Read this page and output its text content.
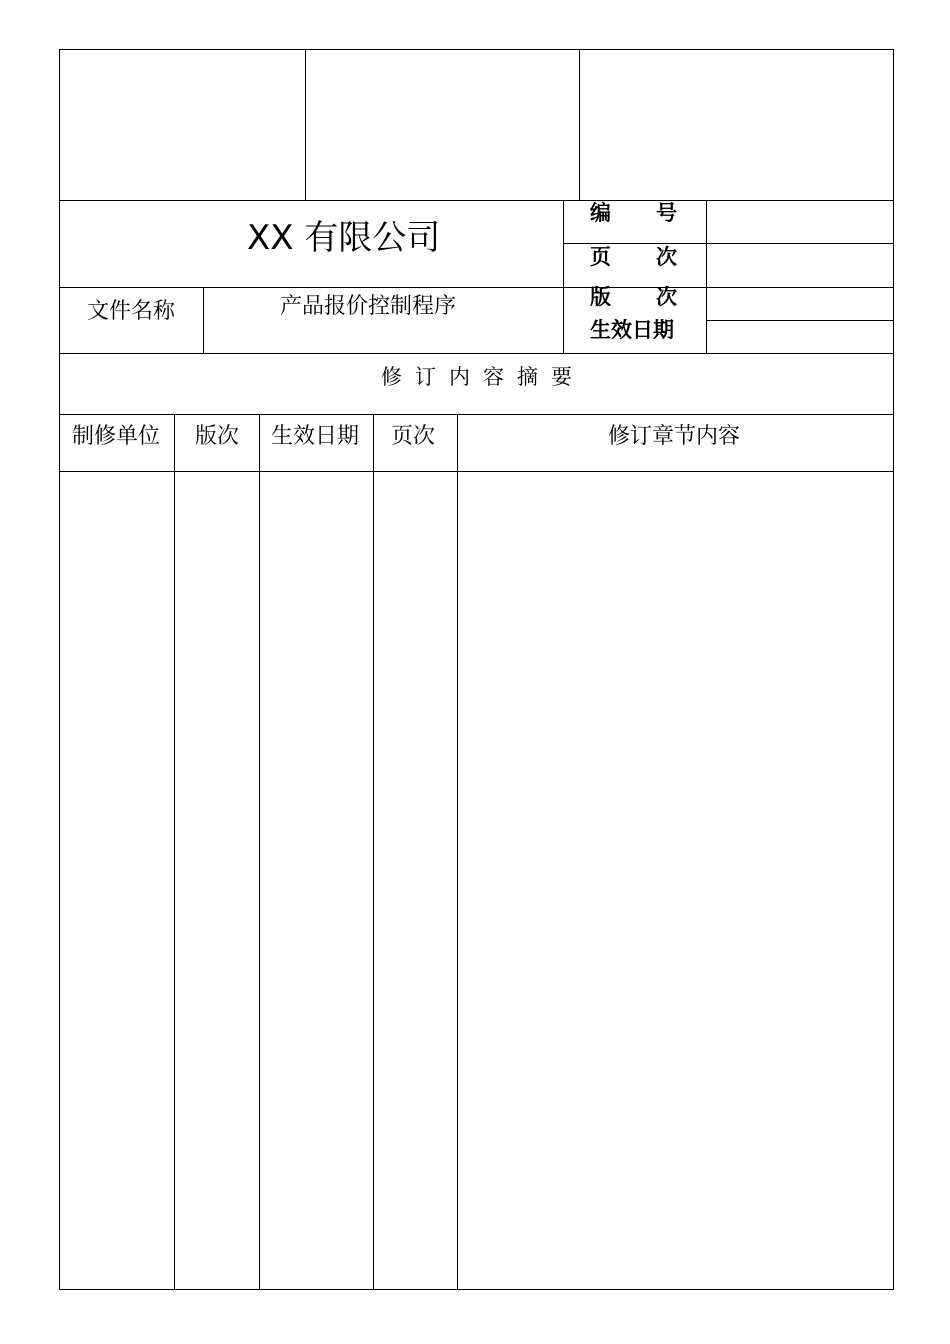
XX 有限公司
编 号
页 次
版 次
生效日期
文件名称	产品报价控制程序
修订内容摘要
制修单位 版次 生效日期 页次	修订章节内容
